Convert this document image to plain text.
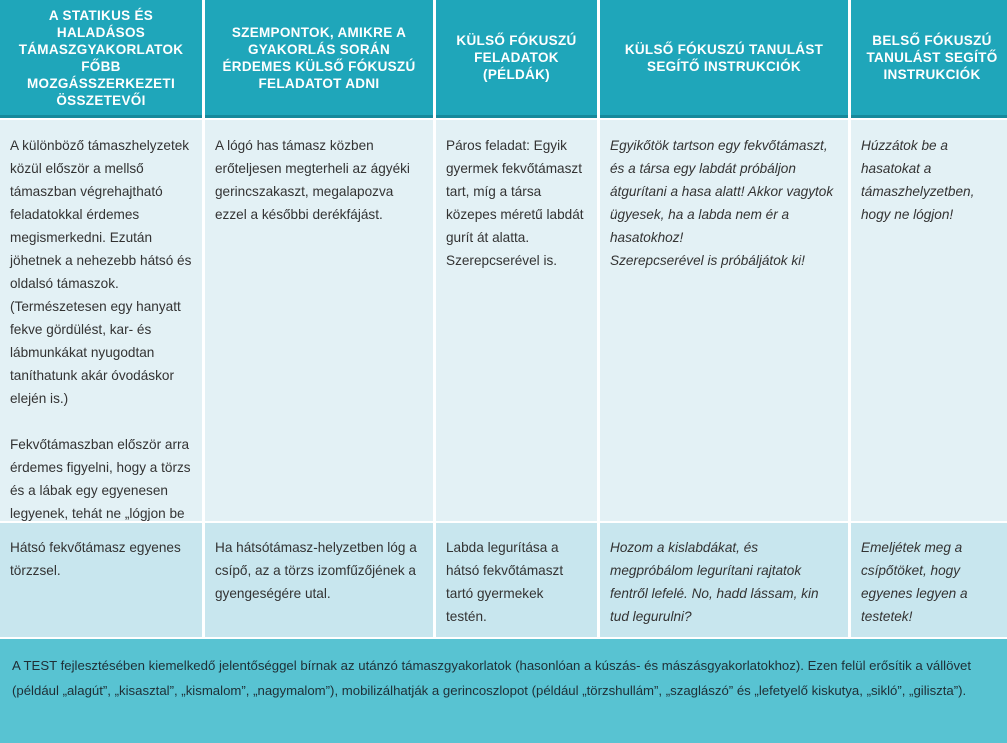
A STATIKUS ÉS HALADÁSOS TÁMASZGYAKORLATOK FŐBB MOZGÁSSZERKEZETI ÖSSZETEVŐI
SZEMPONTOK, AMIKRE A GYAKORLÁS SORÁN ÉRDEMES KÜLSŐ FÓKUSZÚ FELADATOT ADNI
KÜLSŐ FÓKUSZÚ FELADATOK (PÉLDÁK)
KÜLSŐ FÓKUSZÚ TANULÁST SEGÍTŐ INSTRUKCIÓK
BELSŐ FÓKUSZÚ TANULÁST SEGÍTŐ INSTRUKCIÓK

A különböző támaszhelyzetek közül először a mellső támaszban végrehajtható feladatokkal érdemes megismerkedni. Ezután jöhetnek a nehezebb hátsó és oldalsó támaszok. (Természetesen egy hanyatt fekve gördülést, kar- és lábmunkákat nyugodtan taníthatunk akár óvodáskor elején is.)

Fekvőtámaszban először arra érdemes figyelni, hogy a törzs és a lábak egy egyenesen legyenek, tehát ne „lógjon be

A lógó has támasz közben erőteljesen megterheli az ágyéki gerincszakaszt, megalapozva ezzel a későbbi derékfájást.

Páros feladat: Egyik gyermek fekvőtámaszt tart, míg a társa közepes méretű labdát gurít át alatta. Szerepcserével is.

Egyikőtök tartson egy fekvőtámaszt, és a társa egy labdát próbáljon átgurítani a hasa alatt! Akkor vagytok ügyesek, ha a labda nem ér a hasatokhoz!

Szerepcserével is próbáljátok ki!

Húzzátok be a hasatokat a támaszhelyzetben, hogy ne lógjon!

Hátsó fekvőtámasz egyenes törzzsel.

Ha hátsótámasz-helyzetben lóg a csípő, az a törzs izomfűzőjének a gyengeségére utal.

Labda legurítása a hátsó fekvőtámaszt tartó gyermekek testén.

Hozom a kislabdákat, és megpróbálom legurítani rajtatok fentről lefelé. No, hadd lássam, kin tud legurulni?

Emeljétek meg a csípőtöket, hogy egyenes legyen a testetek!

A TEST fejlesztésében kiemelkedő jelentőséggel bírnak az utánzó támaszgyakorlatok (hasonlóan a kúszás- és mászásgyakorlatokhoz). Ezen felül erősítik a vállövet (például „alagút”, „kisasztal”, „kismalom”, „nagymalom”), mobilizálhatják a gerincoszlopot (például „törzshullám”, „szaglászó” és „lefetyelő kiskutya, „sikló”, „giliszta”).
